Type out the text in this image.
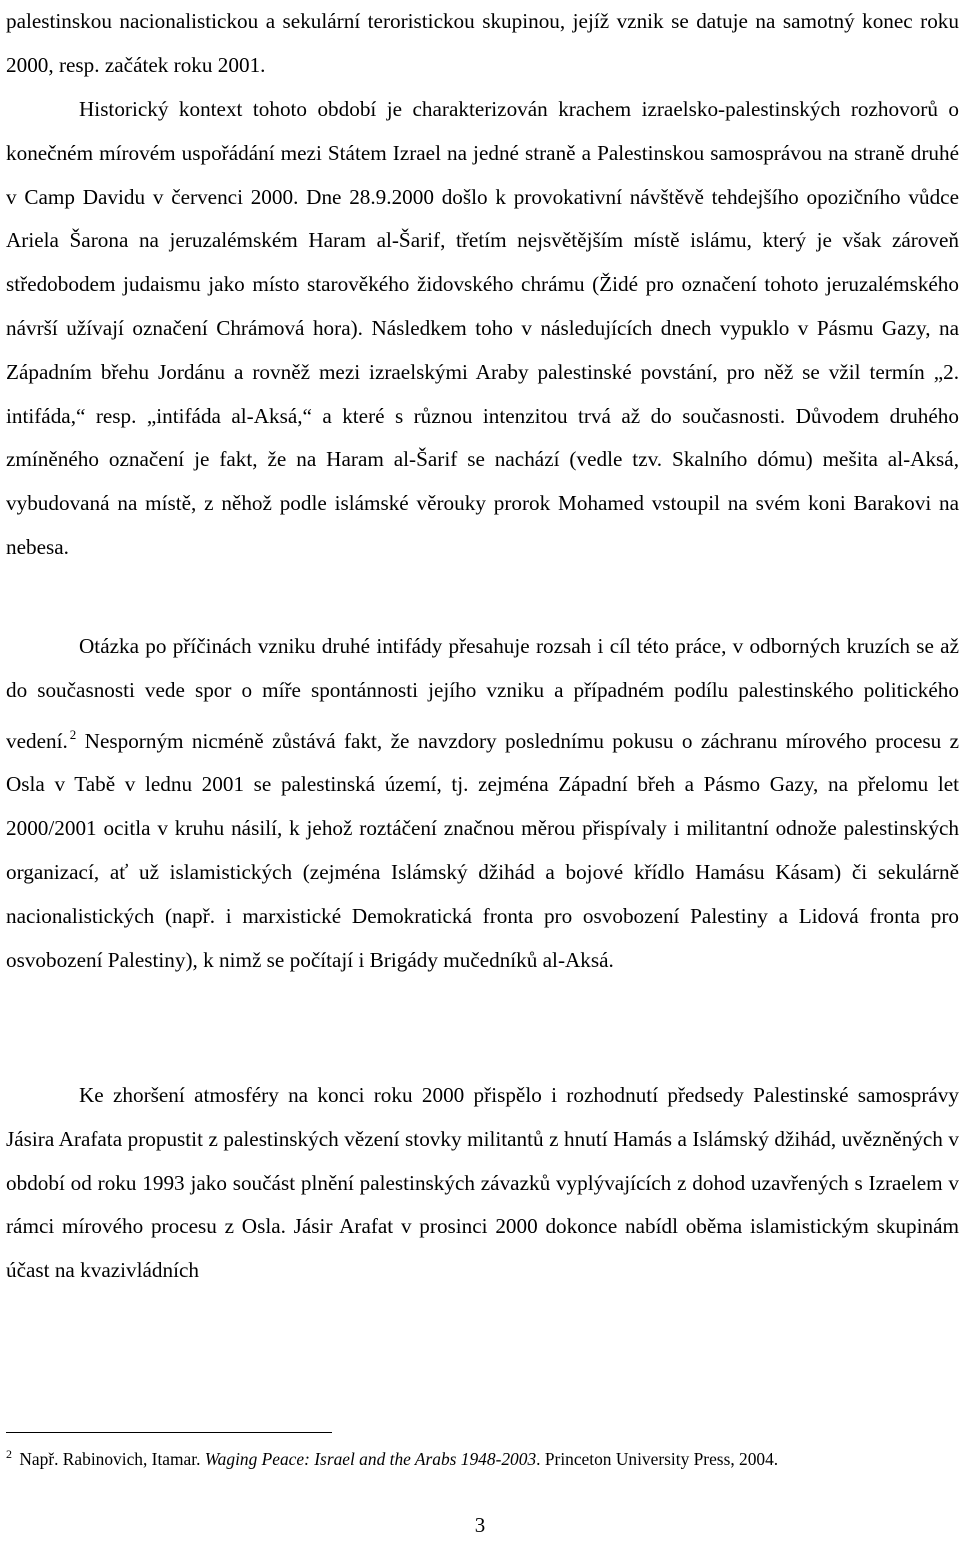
palestinskou nacionalistickou a sekulární teroristickou skupinou, jejíž vznik se datuje na samotný konec roku 2000, resp. začátek roku 2001.

Historický kontext tohoto období je charakterizován krachem izraelsko-palestinských rozhovorů o konečném mírovém uspořádání mezi Státem Izrael na jedné straně a Palestinskou samosprávou na straně druhé v Camp Davidu v červenci 2000. Dne 28.9.2000 došlo k provokativní návštěvě tehdejšího opozičního vůdce Ariela Šarona na jeruzalémském Haram al-Šarif, třetím nejsvětějším místě islámu, který je však zároveň středobodem judaismu jako místo starověkého židovského chrámu (Židé pro označení tohoto jeruzalémského návrší užívají označení Chrámová hora). Následkem toho v následujících dnech vypuklo v Pásmu Gazy, na Západním břehu Jordánu a rovněž mezi izraelskými Araby palestinské povstání, pro něž se vžil termín „2. intifáda,“ resp. „intifáda al-Aksá,“ a které s různou intenzitou trvá až do současnosti. Důvodem druhého zmíněného označení je fakt, že na Haram al-Šarif se nachází (vedle tzv. Skalního dómu) mešita al-Aksá, vybudovaná na místě, z něhož podle islámské věrouky prorok Mohamed vstoupil na svém koni Barakovi na nebesa.

Otázka po příčinách vzniku druhé intifády přesahuje rozsah i cíl této práce, v odborných kruzích se až do současnosti vede spor o míře spontánnosti jejího vzniku a případném podílu palestinského politického vedení. $^2$ Nesporným nicméně zůstává fakt, že navzdory poslednímu pokusu o záchranu mírového procesu z Osla v Tabě v lednu 2001 se palestinská území, tj. zejména Západní břeh a Pásmo Gazy, na přelomu let 2000/2001 ocitla v kruhu násilí, k jehož roztáčení značnou měrou přispívaly i militantní odnože palestinských organizací, ať už islamistických (zejména Islámský džihád a bojové křídlo Hamásu Kásam) či sekulárně nacionalistických (např. i marxistické Demokratická fronta pro osvobození Palestiny a Lidová fronta pro osvobození Palestiny), k nimž se počítají i Brigády mučedníků al-Aksá.

Ke zhoršení atmosféry na konci roku 2000 přispělo i rozhodnutí předsedy Palestinské samosprávy Jásira Arafata propustit z palestinských vězení stovky militantů z hnutí Hamás a Islámský džihád, uvězněných v období od roku 1993 jako součást plnění palestinských závazků vyplývajících z dohod uzavřených s Izraelem v rámci mírového procesu z Osla. Jásir Arafat v prosinci 2000 dokonce nabídl oběma islamistickým skupinám účast na kvazivládních

$^2$ Např. Rabinovich, Itamar. Waging Peace: Israel and the Arabs 1948-2003. Princeton University Press, 2004.

3
